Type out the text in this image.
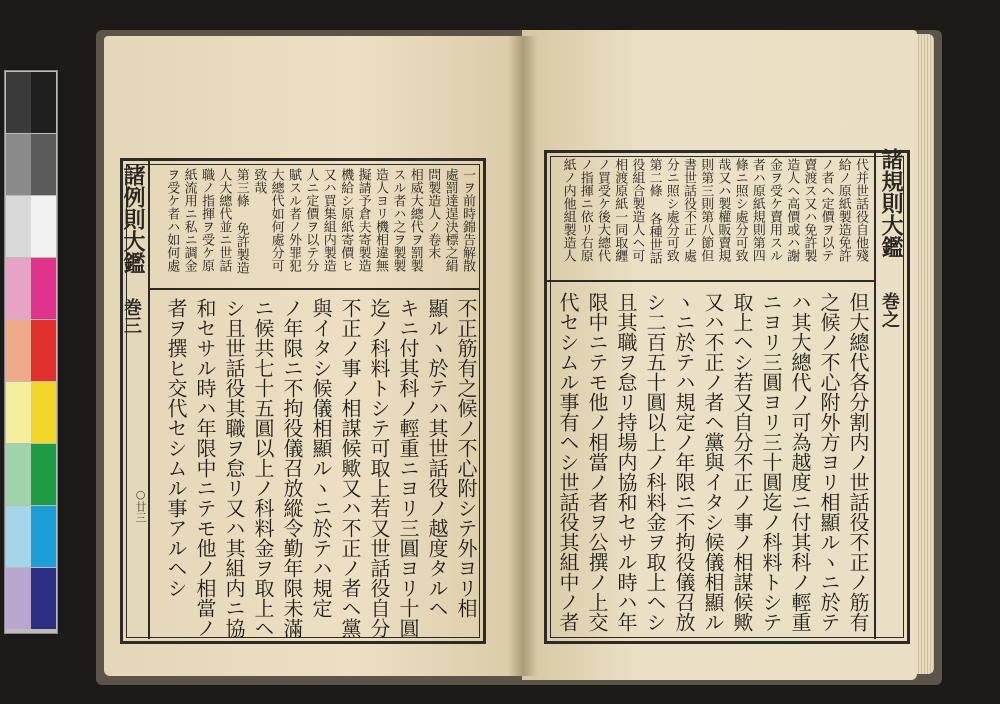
諸例則大鑑
巻三
○廿三
一ヲ前時錦告解散
處罰達逞決標之絹
問製造人ノ卷末
相威大總代ヲ罰製
スル者ハ之ヲ製製
造人ヨリ機相違無
擬請予倉夫寄製造
機給シ原紙寄價ヒ
又ハ買集組内製造
人ニ定價ヲ以テ分
賦スル者ノ外罪犯
大總代如何處分可
致哉
第三條 免許製造
人大總代並ニ世話
職ノ指揮ヲ受ケ原
紙流用ニ私ニ調金
ヲ受ケ者ハ如何處
不正筋有之候ノ不心附シテ外ヨリ相
顯ルヽ於テハ其世話役ノ越度タルヘ
キニ付其科ノ輕重ニヨリ三圓ヨリ十圓
迄ノ科料トシテ可取上若又世話役自分
不正ノ事ノ相謀候歟又ハ不正ノ者ヘ黨
與イタシ候儀相顯ルヽニ於テハ規定
ノ年限ニ不拘役儀召放縱令勤年限未滿
ニ候共七十五圓以上ノ科料金ヲ取上ヘ
シ且世話役其職ヲ怠リ又ハ其組内ニ協
和セサル時ハ年限中ニテモ他ノ相當ノ
者ヲ撰ヒ交代セシムル事アルヘシ
諸規則大鑑
巻之
代并世話役自他殘
給ノ原紙製造免許
ノ者ヘ定價ヲ以テ
賣渡ス又ハ免許製
造人ヘ高價或ハ謝
金ヲ受ケ賣用スル
者ハ原紙規則第四
條ニ照シ處分可致
哉又ハ製權販賣規
則第三則第八節但
書世話役不正ノ處
分ニ照シ處分可致
第二條 各種世話
役組合製造人ヘ可
相渡原紙一同取纒
ノ買受ケ後大總代
ノ指揮ニ依リ右原
紙ノ内他組製造人
但大總代各分割内ノ世話役不正ノ筋有
之候ノ不心附外方ヨリ相顯ルヽニ於テ
ハ其大總代ノ可為越度ニ付其科ノ輕重
ニヨリ三圓ヨリ三十圓迄ノ科料トシテ
取上ヘシ若又自分不正ノ事ノ相謀候歟
又ハ不正ノ者ヘ黨與イタシ候儀相顯ル
ヽニ於テハ規定ノ年限ニ不拘役儀召放
シ二百五十圓以上ノ科料金ヲ取上ヘシ
且其職ヲ怠リ持場内協和セサル時ハ年
限中ニテモ他ノ相當ノ者ヲ公撰ノ上交
代セシムル事有ヘシ世話役其組中ノ者
